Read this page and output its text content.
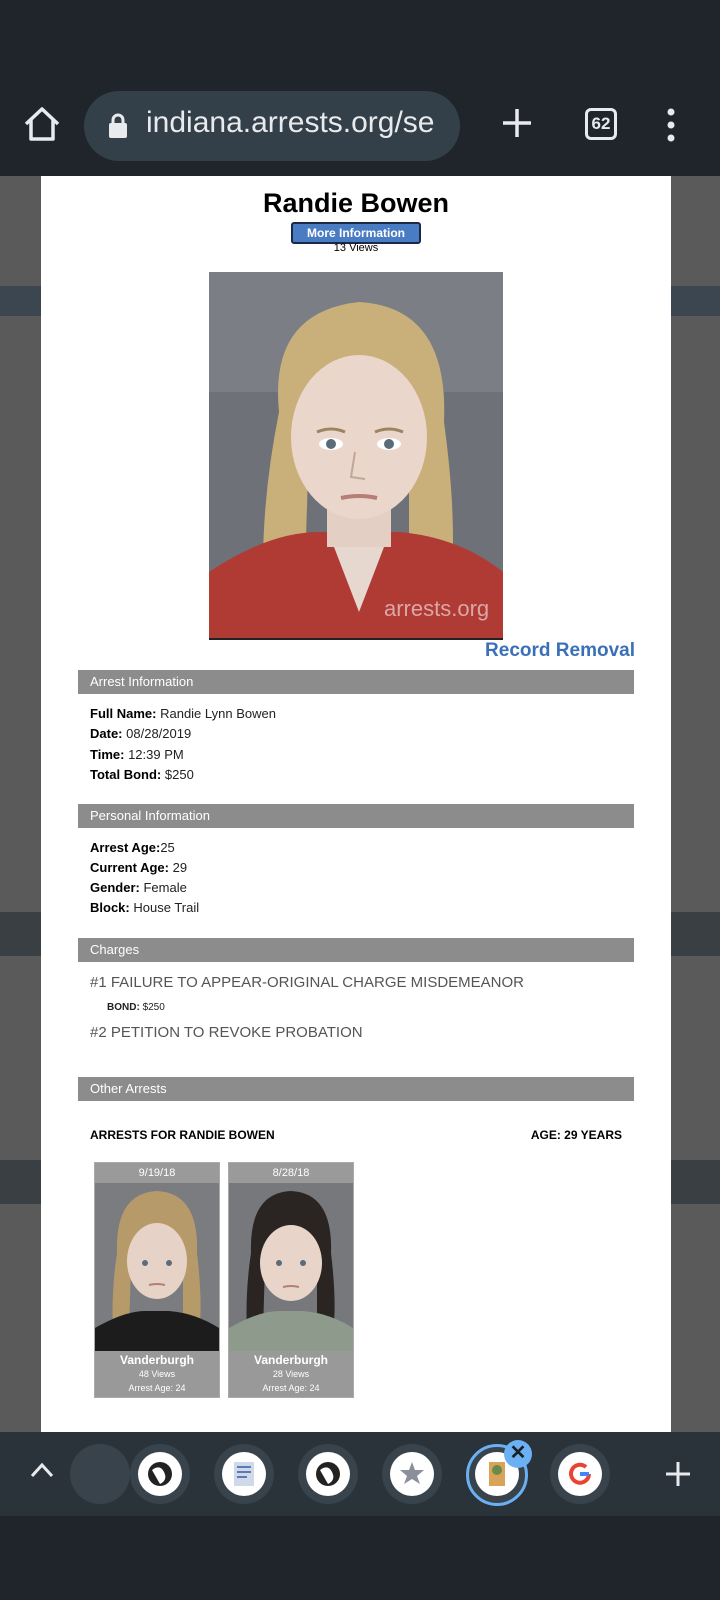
indiana.arrests.org/se	62
Randie Bowen
More Information
13 Views
arrests.org
Record Removal
Arrest Information
Full Name: Randie Lynn Bowen
Date: 08/28/2019
Time: 12:39 PM
Total Bond: $250
Personal Information
Arrest Age:25
Current Age: 29
Gender: Female
Block: House Trail
Charges
#1 FAILURE TO APPEAR-ORIGINAL CHARGE MISDEMEANOR
BOND: $250
#2 PETITION TO REVOKE PROBATION
Other Arrests
ARRESTS FOR RANDIE BOWEN	AGE: 29 YEARS
9/19/18
Vanderburgh
48 Views
Arrest Age: 24
8/28/18
Vanderburgh
28 Views
Arrest Age: 24
✕
